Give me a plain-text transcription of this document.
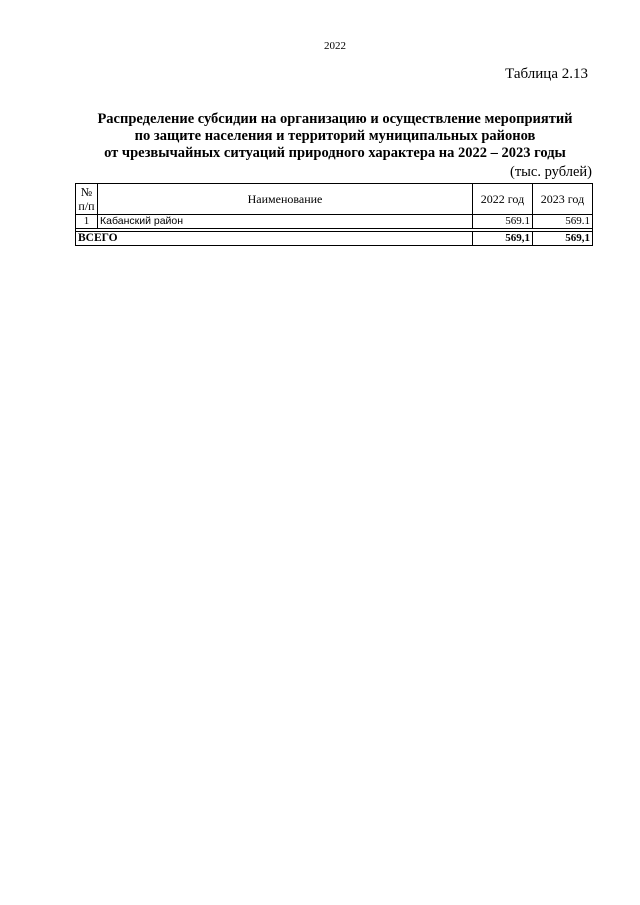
2022
Таблица 2.13
Распределение субсидии на организацию и осуществление мероприятий
по защите населения и территорий муниципальных районов
от чрезвычайных ситуаций природного характера на 2022 – 2023 годы
(тыс. рублей)
№
п/п	Наименование	2022 год	2023 год
1	Кабанский район	569.1	569.1

ВСЕГО		569,1	569,1
